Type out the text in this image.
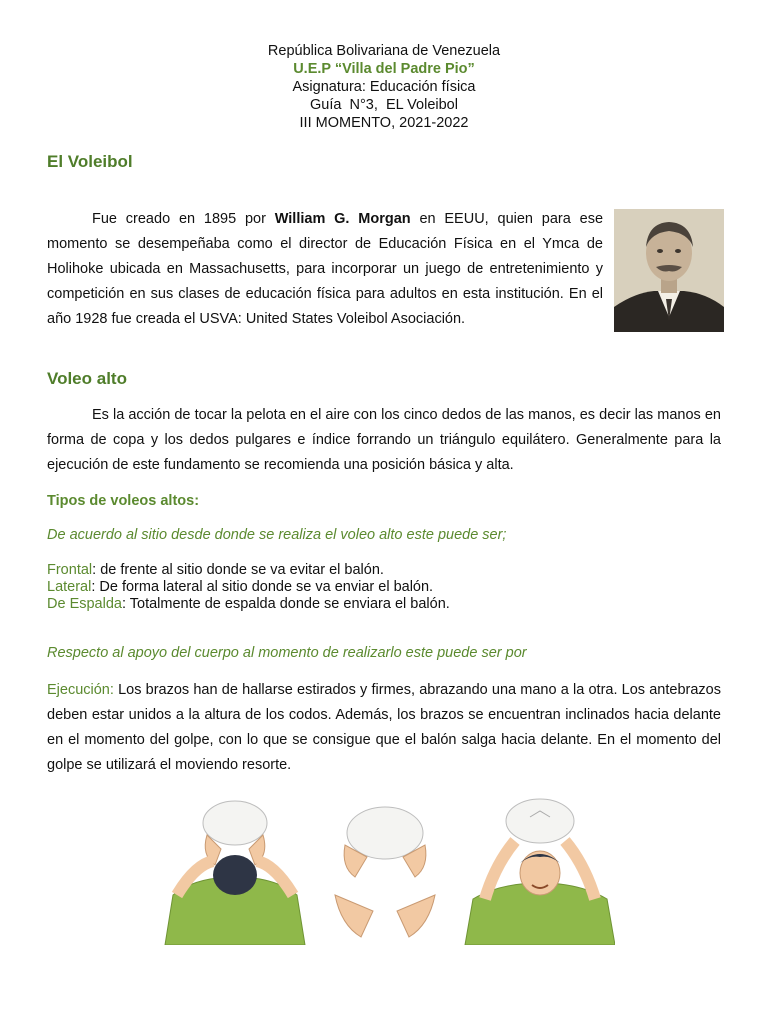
República Bolivariana de Venezuela
U.E.P “Villa del Padre Pio”
Asignatura: Educación física
Guía  N°3,  EL Voleibol
III MOMENTO, 2021-2022
El Voleibol
Fue creado en 1895 por William G. Morgan en EEUU, quien para ese momento se desempeñaba como el director de Educación Física en el Ymca de Holihoke ubicada en Massachusetts, para incorporar un juego de entretenimiento y competición en sus clases de educación física para adultos en esta institución. En el año 1928 fue creada el USVA: United States Voleibol Asociación.
Voleo alto
Es la acción de tocar la pelota en el aire con los cinco dedos de las manos, es decir las manos en forma de copa y los dedos pulgares e índice forrando un triángulo equilátero. Generalmente para la ejecución de este fundamento se recomienda una posición básica y alta.
Tipos de voleos altos:
De acuerdo al sitio desde donde se realiza el voleo alto este puede ser;
Frontal: de frente al sitio donde se va evitar el balón.
Lateral: De forma lateral al sitio donde se va enviar el balón.
De Espalda: Totalmente de espalda donde se enviara el balón.
Respecto al apoyo del cuerpo al momento de realizarlo este puede ser por
Ejecución: Los brazos han de hallarse estirados y firmes, abrazando una mano a la otra. Los antebrazos deben estar unidos a la altura de los codos. Además, los brazos se encuentran inclinados hacia delante en el momento del golpe, con lo que se consigue que el balón salga hacia delante. En el momento del golpe se utilizará el moviendo resorte.
